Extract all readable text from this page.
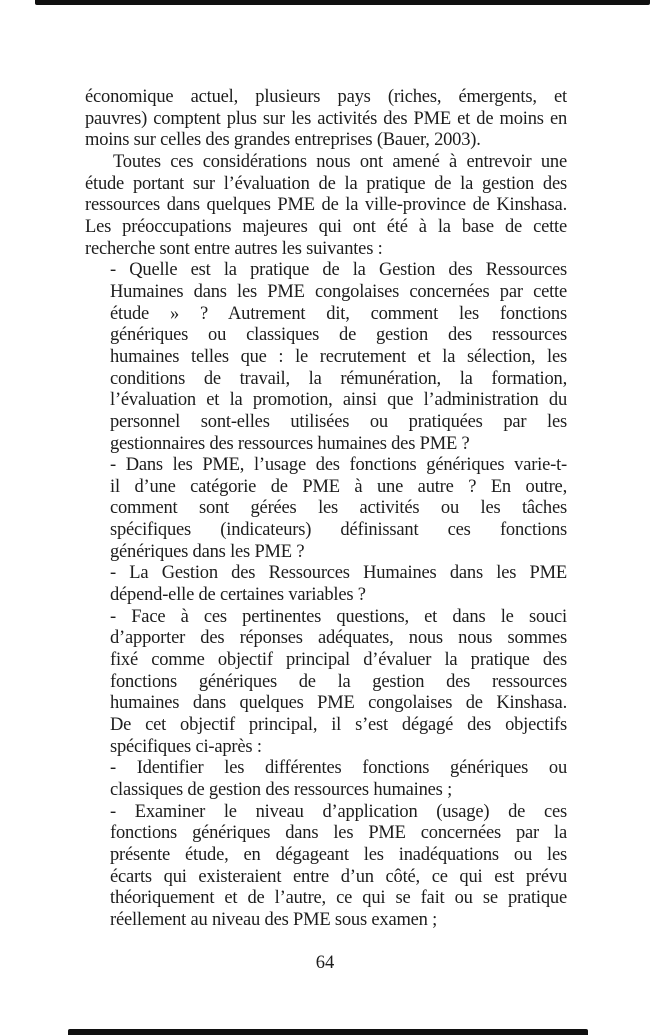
économique actuel, plusieurs pays (riches, émergents, et
pauvres) comptent plus sur les activités des PME et de moins en
moins sur celles des grandes entreprises (Bauer, 2003).
Toutes ces considérations nous ont amené à entrevoir une
étude portant sur l’évaluation de la pratique de la gestion des
ressources dans quelques PME de la ville-province de Kinshasa.
Les préoccupations majeures qui ont été à la base de cette
recherche sont entre autres les suivantes :
- Quelle est la pratique de la Gestion des Ressources
Humaines dans les PME congolaises concernées par cette
étude » ? Autrement dit, comment les fonctions
génériques ou classiques de gestion des ressources
humaines telles que : le recrutement et la sélection, les
conditions de travail, la rémunération, la formation,
l’évaluation et la promotion, ainsi que l’administration du
personnel sont-elles utilisées ou pratiquées par les
gestionnaires des ressources humaines des PME ?
- Dans les PME, l’usage des fonctions génériques varie-t-
il d’une catégorie de PME à une autre ? En outre,
comment sont gérées les activités ou les tâches
spécifiques (indicateurs) définissant ces fonctions
génériques dans les PME ?
- La Gestion des Ressources Humaines dans les PME
dépend-elle de certaines variables ?
- Face à ces pertinentes questions, et dans le souci
d’apporter des réponses adéquates, nous nous sommes
fixé comme objectif principal d’évaluer la pratique des
fonctions génériques de la gestion des ressources
humaines dans quelques PME congolaises de Kinshasa.
De cet objectif principal, il s’est dégagé des objectifs
spécifiques ci-après :
- Identifier les différentes fonctions génériques ou
classiques de gestion des ressources humaines ;
- Examiner le niveau d’application (usage) de ces
fonctions génériques dans les PME concernées par la
présente étude, en dégageant les inadéquations ou les
écarts qui existeraient entre d’un côté, ce qui est prévu
théoriquement et de l’autre, ce qui se fait ou se pratique
réellement au niveau des PME sous examen ;
64
